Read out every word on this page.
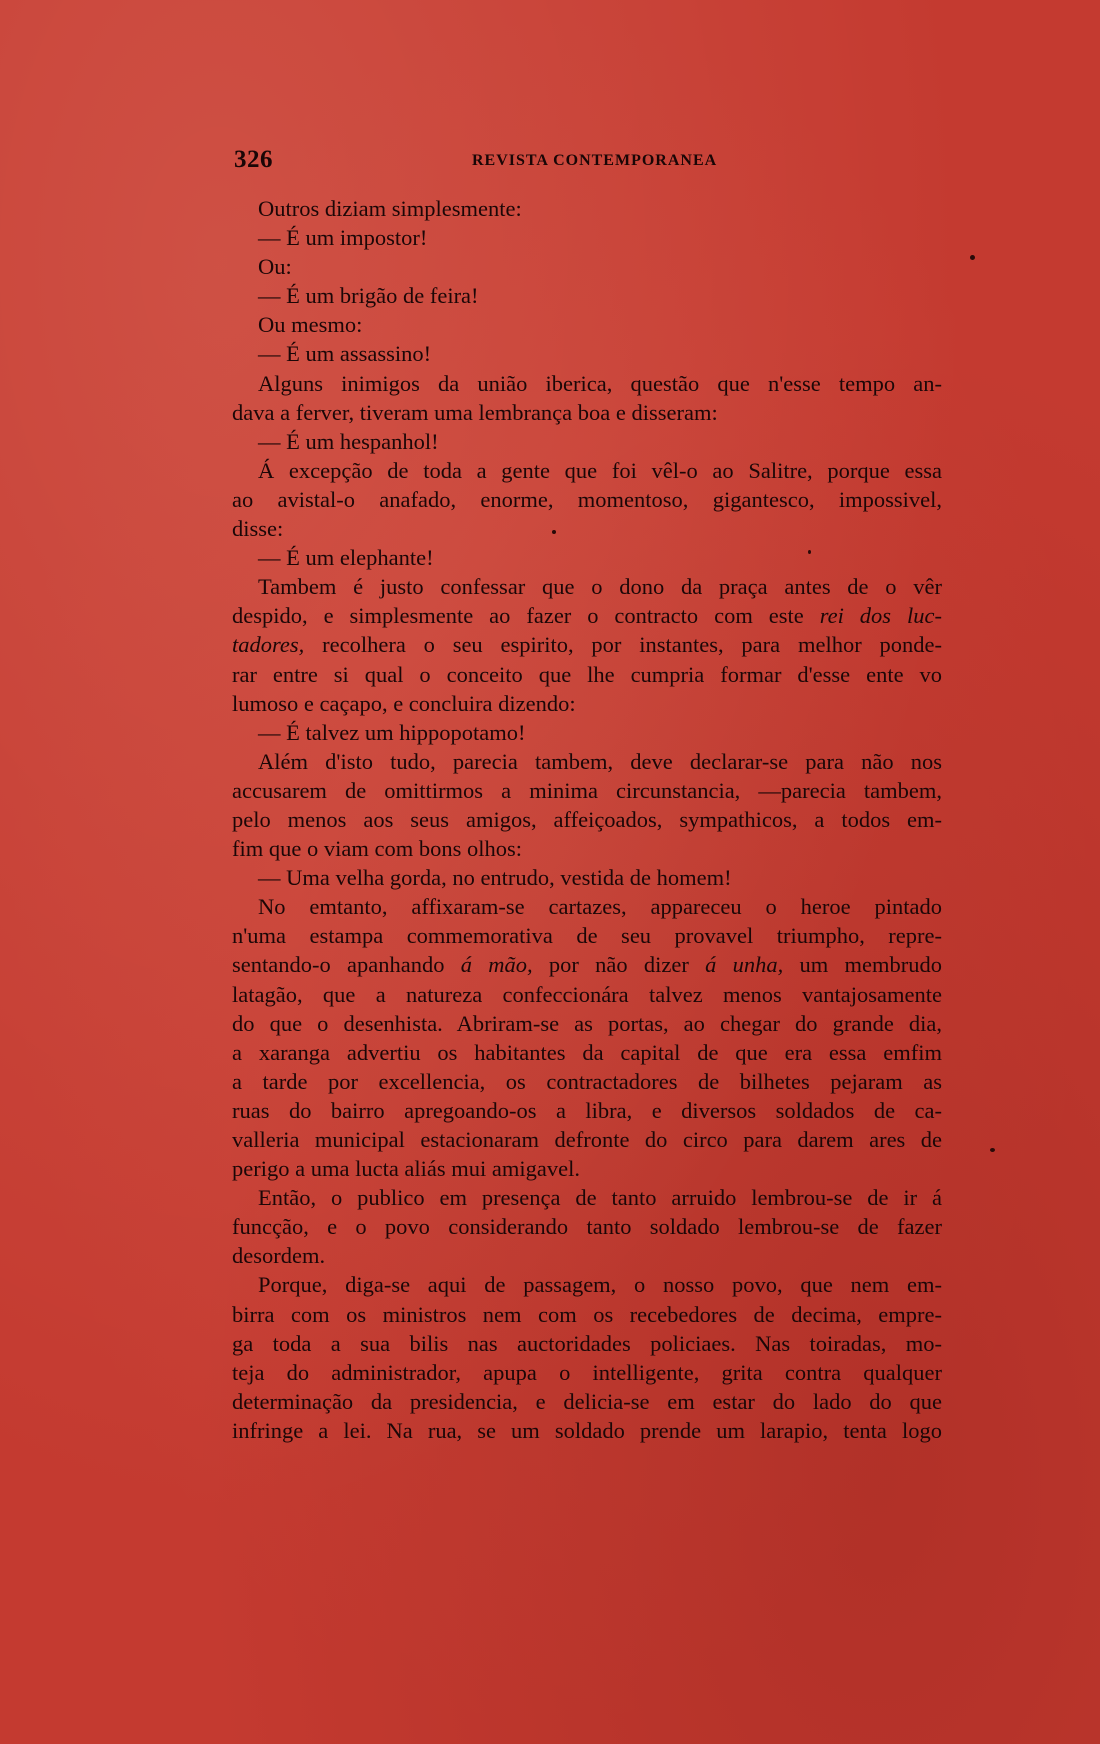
326	REVISTA CONTEMPORANEA
Outros diziam simplesmente:
— É um impostor!
Ou:
— É um brigão de feira!
Ou mesmo:
— É um assassino!
Alguns inimigos da união iberica, questão que n'esse tempo an-
dava a ferver, tiveram uma lembrança boa e disseram:
— É um hespanhol!
Á excepção de toda a gente que foi vêl-o ao Salitre, porque essa
ao avistal-o anafado, enorme, momentoso, gigantesco, impossivel,
disse:
— É um elephante!
Tambem é justo confessar que o dono da praça antes de o vêr
despido, e simplesmente ao fazer o contracto com este rei dos luc-
tadores, recolhera o seu espirito, por instantes, para melhor ponde-
rar entre si qual o conceito que lhe cumpria formar d'esse ente vo
lumoso e caçapo, e concluira dizendo:
— É talvez um hippopotamo!
Além d'isto tudo, parecia tambem, deve declarar-se para não nos
accusarem de omittirmos a minima circunstancia, —parecia tambem,
pelo menos aos seus amigos, affeiçoados, sympathicos, a todos em-
fim que o viam com bons olhos:
— Uma velha gorda, no entrudo, vestida de homem!
No emtanto, affixaram-se cartazes, appareceu o heroe pintado
n'uma estampa commemorativa de seu provavel triumpho, repre-
sentando-o apanhando á mão, por não dizer á unha, um membrudo
latagão, que a natureza confeccionára talvez menos vantajosamente
do que o desenhista. Abriram-se as portas, ao chegar do grande dia,
a xaranga advertiu os habitantes da capital de que era essa emfim
a tarde por excellencia, os contractadores de bilhetes pejaram as
ruas do bairro apregoando-os a libra, e diversos soldados de ca-
valleria municipal estacionaram defronte do circo para darem ares de
perigo a uma lucta aliás mui amigavel.
Então, o publico em presença de tanto arruido lembrou-se de ir á
funcção, e o povo considerando tanto soldado lembrou-se de fazer
desordem.
Porque, diga-se aqui de passagem, o nosso povo, que nem em-
birra com os ministros nem com os recebedores de decima, empre-
ga toda a sua bilis nas auctoridades policiaes. Nas toiradas, mo-
teja do administrador, apupa o intelligente, grita contra qualquer
determinação da presidencia, e delicia-se em estar do lado do que
infringe a lei. Na rua, se um soldado prende um larapio, tenta logo
